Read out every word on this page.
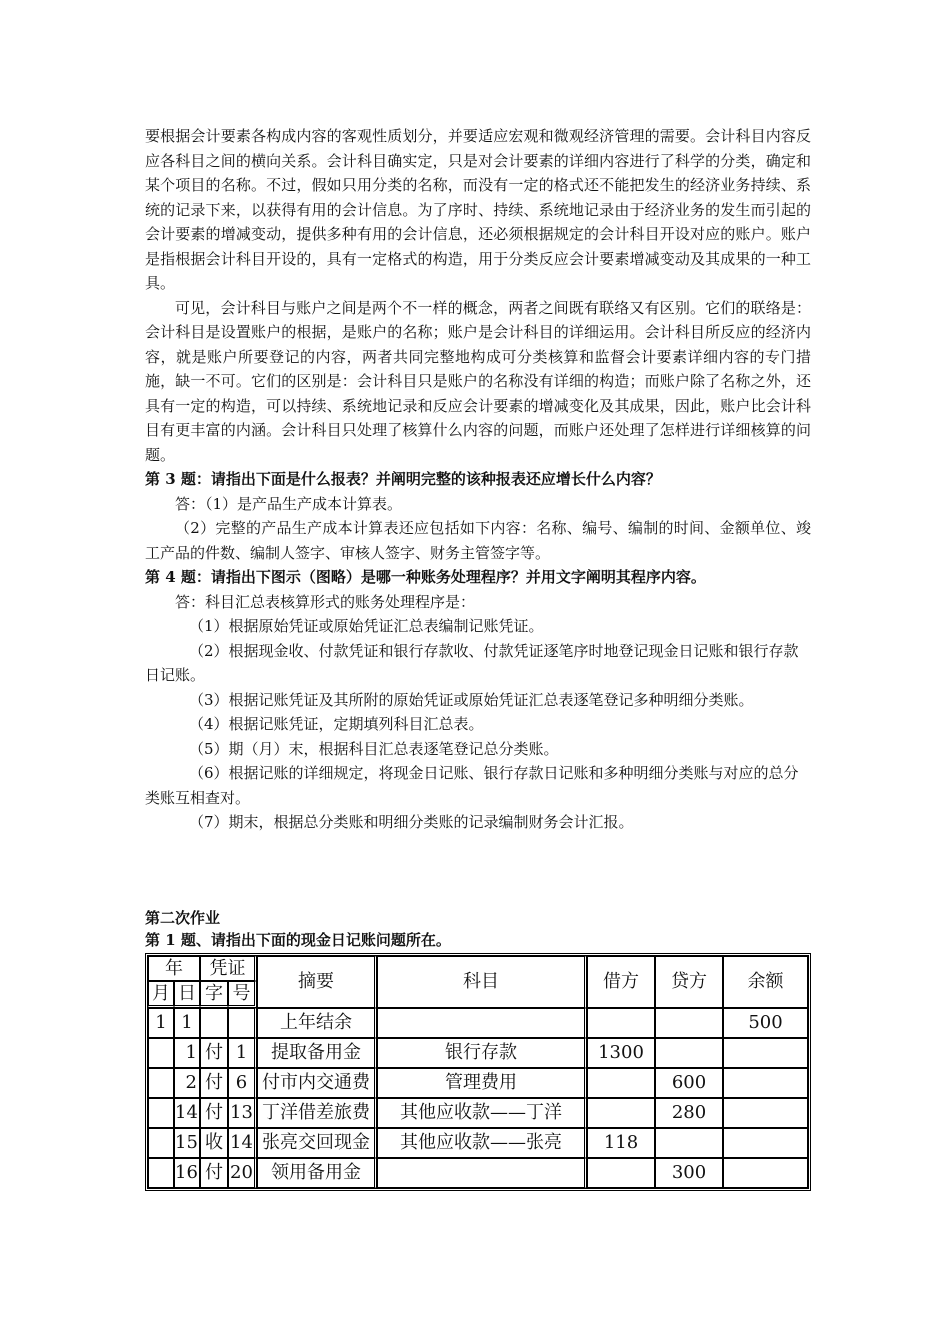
要根据会计要素各构成内容的客观性质划分，并要适应宏观和微观经济管理的需要。会计科目内容反应各科目之间的横向关系。会计科目确实定，只是对会计要素的详细内容进行了科学的分类，确定和某个项目的名称。不过，假如只用分类的名称，而没有一定的格式还不能把发生的经济业务持续、系统的记录下来，以获得有用的会计信息。为了序时、持续、系统地记录由于经济业务的发生而引起的会计要素的增减变动，提供多种有用的会计信息，还必须根据规定的会计科目开设对应的账户。账户是指根据会计科目开设的，具有一定格式的构造，用于分类反应会计要素增减变动及其成果的一种工具。

可见，会计科目与账户之间是两个不一样的概念，两者之间既有联络又有区别。它们的联络是：会计科目是设置账户的根据，是账户的名称；账户是会计科目的详细运用。会计科目所反应的经济内容，就是账户所要登记的内容，两者共同完整地构成可分类核算和监督会计要素详细内容的专门措施，缺一不可。它们的区别是：会计科目只是账户的名称没有详细的构造；而账户除了名称之外，还具有一定的构造，可以持续、系统地记录和反应会计要素的增减变化及其成果，因此，账户比会计科目有更丰富的内涵。会计科目只处理了核算什么内容的问题，而账户还处理了怎样进行详细核算的问题。

第 3 题：请指出下面是什么报表？并阐明完整的该种报表还应增长什么内容？

答：（1）是产品生产成本计算表。

（2）完整的产品生产成本计算表还应包括如下内容：名称、编号、编制的时间、金额单位、竣工产品的件数、编制人签字、审核人签字、财务主管签字等。

第 4 题：请指出下图示（图略）是哪一种账务处理程序？并用文字阐明其程序内容。

答：科目汇总表核算形式的账务处理程序是：

（1）根据原始凭证或原始凭证汇总表编制记账凭证。

（2）根据现金收、付款凭证和银行存款收、付款凭证逐笔序时地登记现金日记账和银行存款日记账。

（3）根据记账凭证及其所附的原始凭证或原始凭证汇总表逐笔登记多种明细分类账。

（4）根据记账凭证，定期填列科目汇总表。

（5）期（月）末，根据科目汇总表逐笔登记总分类账。

（6）根据记账的详细规定，将现金日记账、银行存款日记账和多种明细分类账与对应的总分类账互相查对。

（7）期末，根据总分类账和明细分类账的记录编制财务会计汇报。

第二次作业

第 1 题、请指出下面的现金日记账问题所在。

年		凭证		摘要	科目	借方	贷方	余额
月	日	字	号					
1	1			上年结余				500
	1	付	1	提取备用金	银行存款	1300		
	2	付	6	付市内交通费	管理费用		600	
	14	付	13	丁洋借差旅费	其他应收款——丁洋		280	
	15	收	14	张亮交回现金	其他应收款——张亮	118		
	16	付	20	领用备用金			300	
